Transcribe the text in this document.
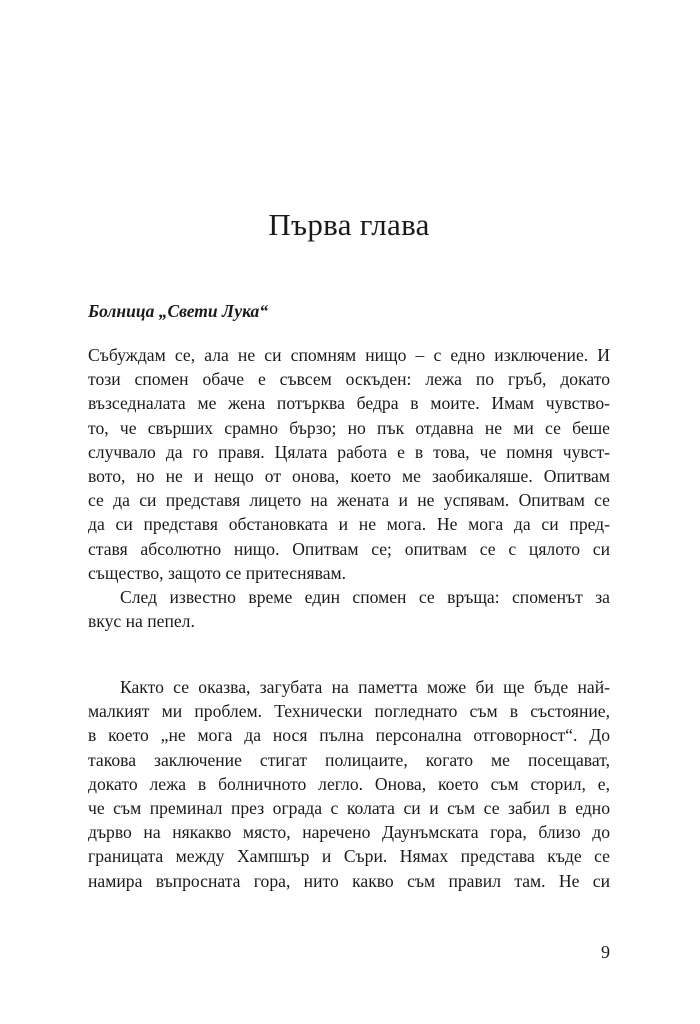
Първа глава
Болница „Свети Лука“
Събуждам се, ала не си спомням нищо – с едно изключение. И
този спомен обаче е съвсем оскъден: лежа по гръб, докато
възседналата ме жена потърква бедра в моите. Имам чувство-
то, че свърших срамно бързо; но пък отдавна не ми се беше
случвало да го правя. Цялата работа е в това, че помня чувст-
вото, но не и нещо от онова, което ме заобикаляше. Опитвам
се да си представя лицето на жената и не успявам. Опитвам се
да си представя обстановката и не мога. Не мога да си пред-
ставя абсолютно нищо. Опитвам се; опитвам се с цялото си
същество, защото се притеснявам.
След известно време един спомен се връща: споменът за
вкус на пепел.
Както се оказва, загубата на паметта може би ще бъде най-
малкият ми проблем. Технически погледнато съм в състояние,
в което „не мога да нося пълна персонална отговорност“. До
такова заключение стигат полицаите, когато ме посещават,
докато лежа в болничното легло. Онова, което съм сторил, е,
че съм преминал през ограда с колата си и съм се забил в едно
дърво на някакво място, наречено Даунъмската гора, близо до
границата между Хампшър и Съри. Нямах представа къде се
намира въпросната гора, нито какво съм правил там. Не си
9
